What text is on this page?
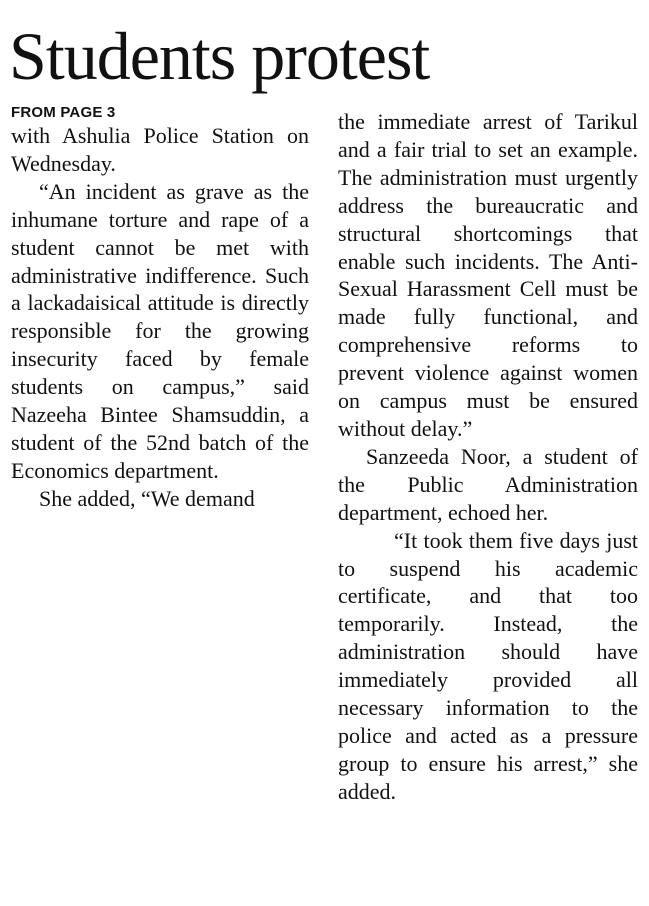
Students protest

FROM PAGE 3

with Ashulia Police Station on Wednesday.

“An incident as grave as the inhumane torture and rape of a student cannot be met with administrative indifference. Such a lackadaisical attitude is directly responsible for the growing insecurity faced by female students on campus,” said Nazeeha Bintee Shamsuddin, a student of the 52nd batch of the Economics department.

She added, “We demand

the immediate arrest of Tarikul and a fair trial to set an example. The administration must urgently address the bureaucratic and structural shortcomings that enable such incidents. The Anti-Sexual Harassment Cell must be made fully functional, and comprehensive reforms to prevent violence against women on campus must be ensured without delay.”

Sanzeeda Noor, a student of the Public Administration department, echoed her.

“It took them five days just to suspend his academic certificate, and that too temporarily. Instead, the administration should have immediately provided all necessary information to the police and acted as a pressure group to ensure his arrest,” she added.
